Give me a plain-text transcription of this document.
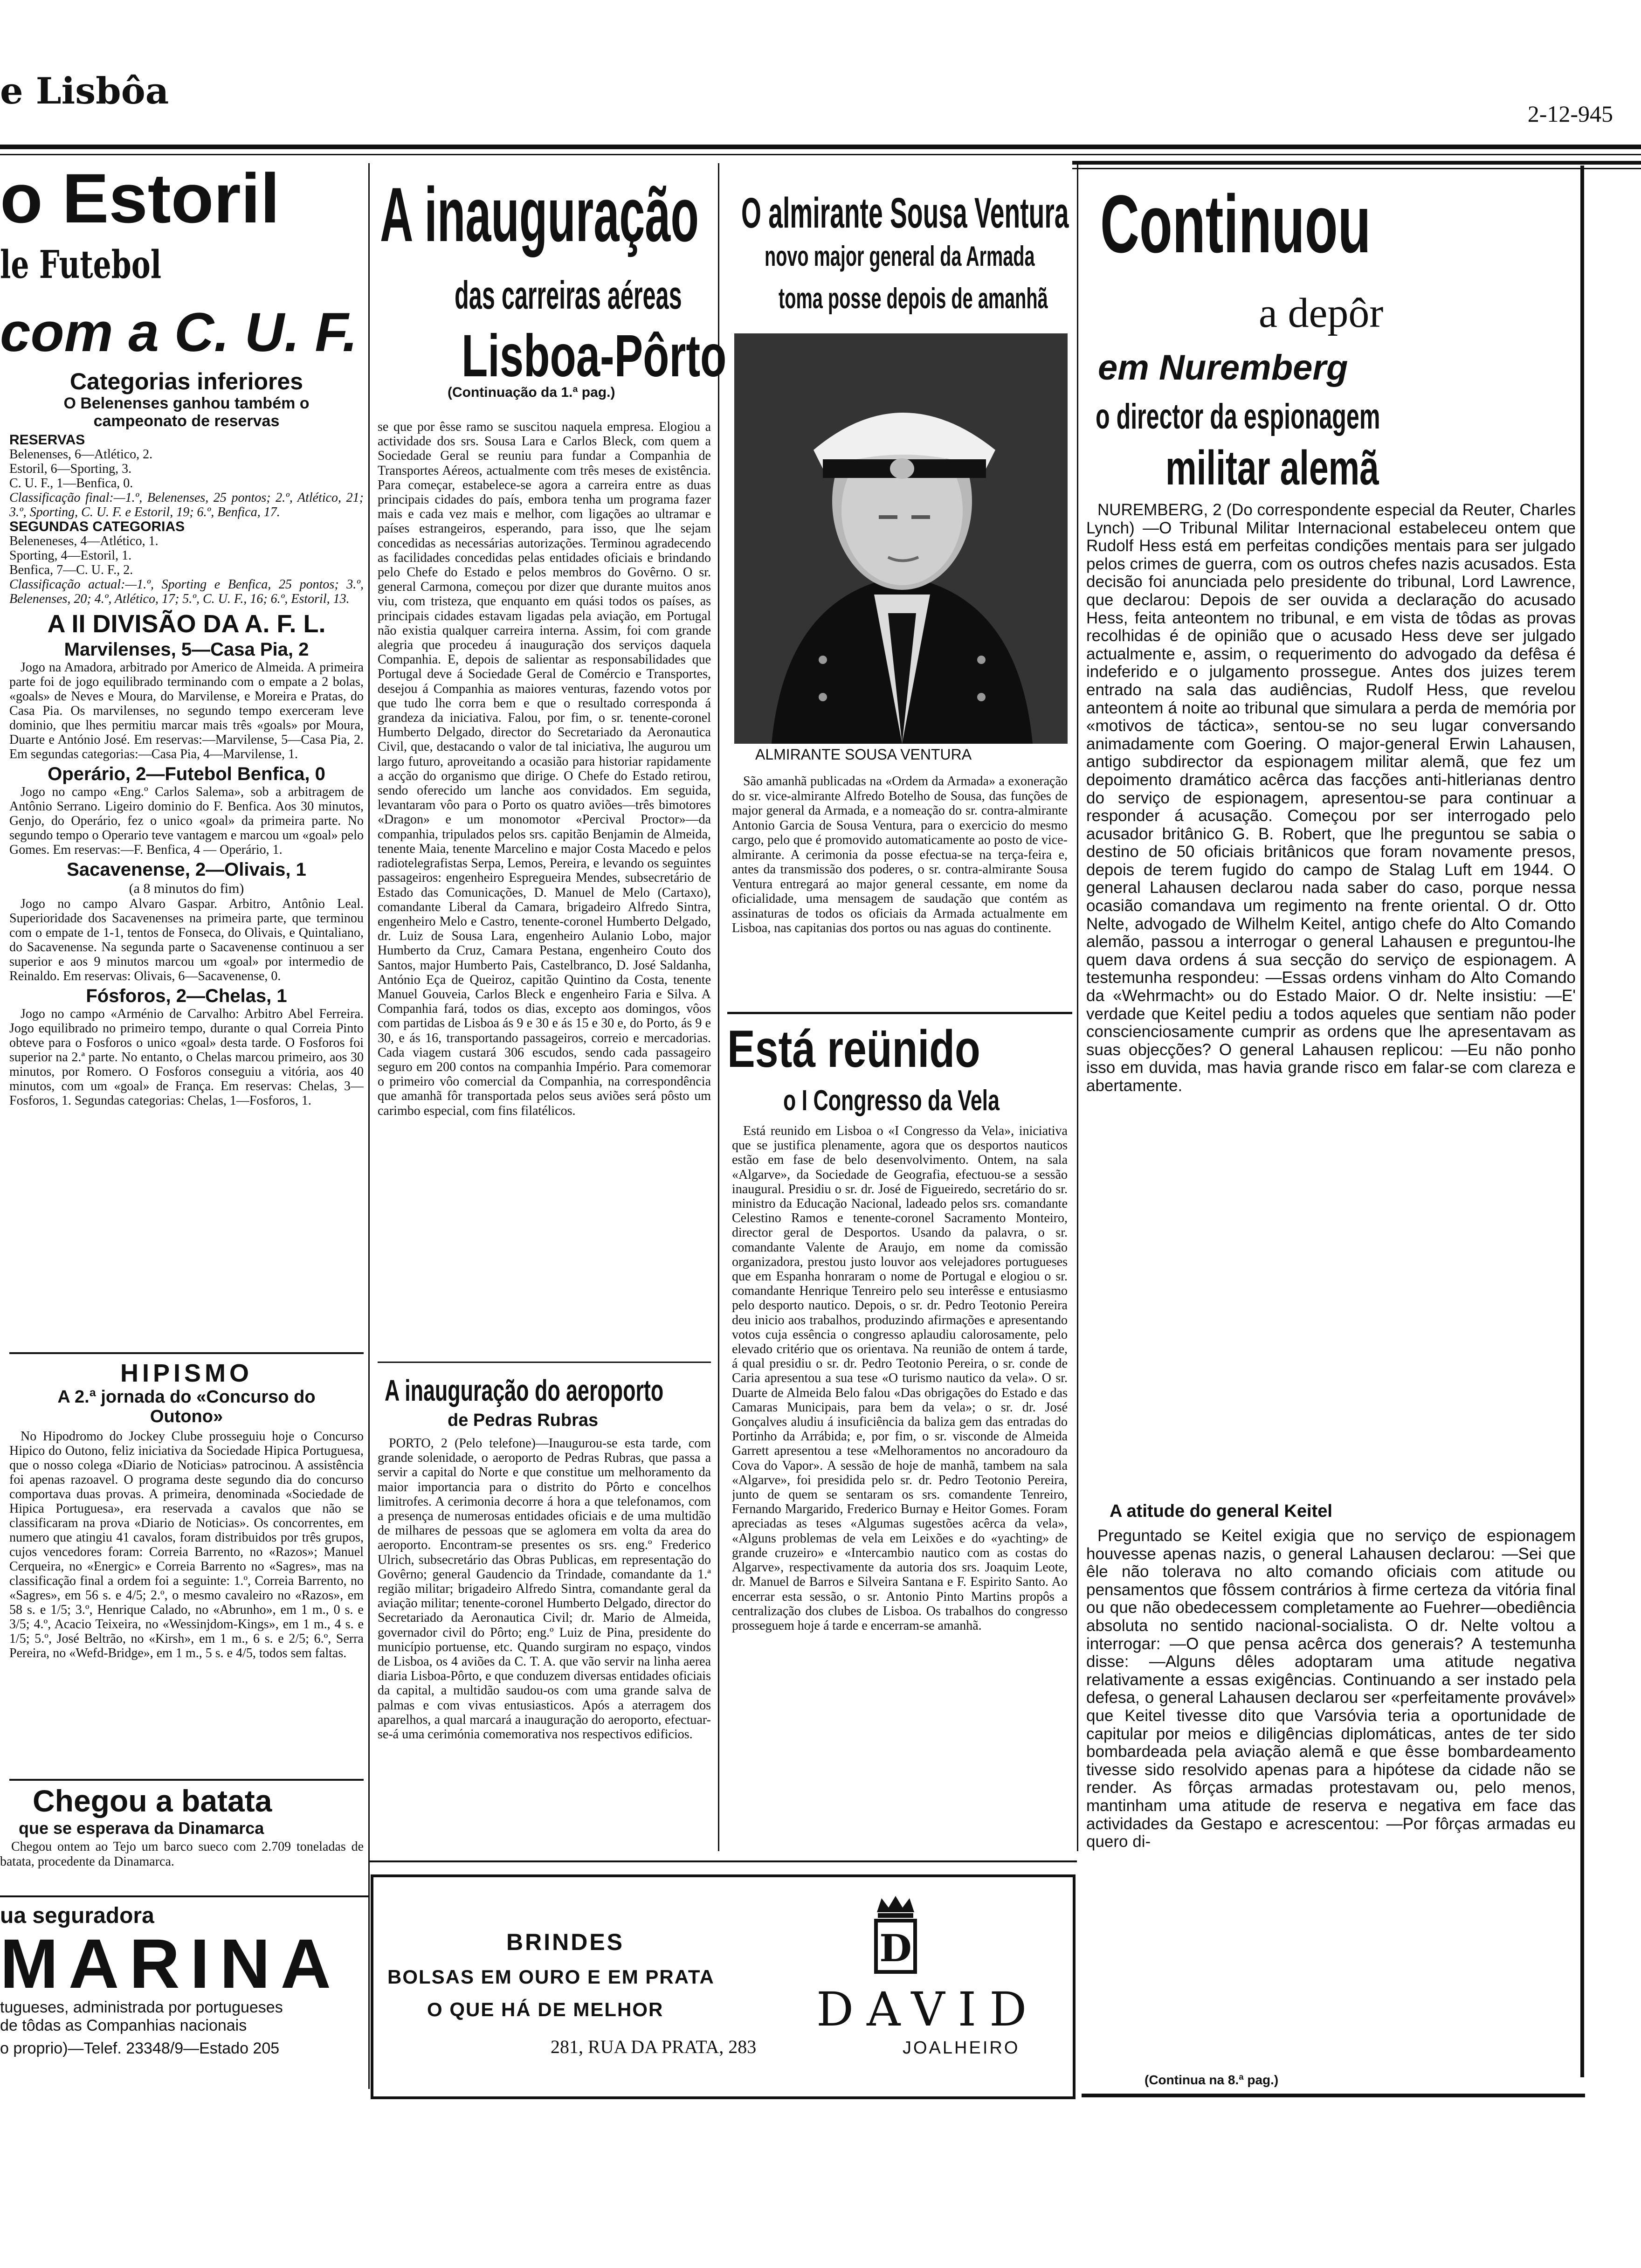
e Lisbôa
2-12-945
o Estoril
le Futebol
com a C. U. F.
Categorias inferiores
O Belenenses ganhou também o campeonato de reservas
RESERVAS
Belenenses, 6—Atlético, 2.
Estoril, 6—Sporting, 3.
C. U. F., 1—Benfica, 0.
Classificação final:—1.º, Belenenses, 25 pontos; 2.º, Atlético, 21; 3.º, Sporting, C. U. F. e Estoril, 19; 6.º, Benfica, 17.
SEGUNDAS CATEGORIAS
Beleneneses, 4—Atlético, 1.
Sporting, 4—Estoril, 1.
Benfica, 7—C. U. F., 2.
Classificação actual:—1.º, Sporting e Benfica, 25 pontos; 3.º, Belenenses, 20; 4.º, Atlético, 17; 5.º, C. U. F., 16; 6.º, Estoril, 13.
A II DIVISÃO DA A. F. L.
Marvilenses, 5—Casa Pia, 2

Jogo na Amadora, arbitrado por Americo de Almeida. A primeira parte foi de jogo equilibrado terminando com o empate a 2 bolas, «goals» de Neves e Moura, do Marvilense, e Moreira e Pratas, do Casa Pia. Os marvilenses, no segundo tempo exerceram leve dominio, que lhes permitiu marcar mais três «goals» por Moura, Duarte e António José. Em reservas:—Marvilense, 5—Casa Pia, 2. Em segundas categorias:—Casa Pia, 4—Marvilense, 1.

Operário, 2—Futebol Benfica, 0

Jogo no campo «Eng.º Carlos Salema», sob a arbitragem de Antônio Serrano. Ligeiro dominio do F. Benfica. Aos 30 minutos, Genjo, do Operário, fez o unico «goal» da primeira parte. No segundo tempo o Operario teve vantagem e marcou um «goal» pelo Gomes. Em reservas:—F. Benfica, 4 — Operário, 1.

Sacavenense, 2—Olivais, 1
(a 8 minutos do fim)

Jogo no campo Alvaro Gaspar. Arbitro, Antônio Leal. Superioridade dos Sacavenenses na primeira parte, que terminou com o empate de 1-1, tentos de Fonseca, do Olivais, e Quintaliano, do Sacavenense. Na segunda parte o Sacavenense continuou a ser superior e aos 9 minutos marcou um «goal» por intermedio de Reinaldo. Em reservas: Olivais, 6—Sacavenense, 0.

Fósforos, 2—Chelas, 1

Jogo no campo «Arménio de Carvalho: Arbitro Abel Ferreira. Jogo equilibrado no primeiro tempo, durante o qual Correia Pinto obteve para o Fosforos o unico «goal» desta tarde. O Fosforos foi superior na 2.ª parte. No entanto, o Chelas marcou primeiro, aos 30 minutos, por Romero. O Fosforos conseguiu a vitória, aos 40 minutos, com um «goal» de França. Em reservas: Chelas, 3—Fosforos, 1. Segundas categorias: Chelas, 1—Fosforos, 1.

HIPISMO
A 2.ª jornada do «Concurso do Outono»

No Hipodromo do Jockey Clube prosseguiu hoje o Concurso Hipico do Outono, feliz iniciativa da Sociedade Hipica Portuguesa, que o nosso colega «Diario de Noticias» patrocinou. A assistência foi apenas razoavel. O programa deste segundo dia do concurso comportava duas provas. A primeira, denominada «Sociedade de Hipica Portuguesa», era reservada a cavalos que não se classificaram na prova «Diario de Noticias». Os concorrentes, em numero que atingiu 41 cavalos, foram distribuidos por três grupos, cujos vencedores foram: Correia Barrento, no «Razos»; Manuel Cerqueira, no «Energic» e Correia Barrento no «Sagres», mas na classificação final a ordem foi a seguinte: 1.º, Correia Barrento, no «Sagres», em 56 s. e 4/5; 2.º, o mesmo cavaleiro no «Razos», em 58 s. e 1/5; 3.º, Henrique Calado, no «Abrunho», em 1 m., 0 s. e 3/5; 4.º, Acacio Teixeira, no «Wessinjdom-Kings», em 1 m., 4 s. e 1/5; 5.º, José Beltrão, no «Kirsh», em 1 m., 6 s. e 2/5; 6.º, Serra Pereira, no «Wefd-Bridge», em 1 m., 5 s. e 4/5, todos sem faltas.

Chegou a batata
que se esperava da Dinamarca

Chegou ontem ao Tejo um barco sueco com 2.709 toneladas de batata, procedente da Dinamarca.

ua seguradora
MARINA
tugueses, administrada por portugueses
de tôdas as Companhias nacionais
o proprio)—Telef. 23348/9—Estado 205
A inauguração
das carreiras aéreas
Lisboa-Pôrto
(Continuação da 1.ª pag.)

se que por êsse ramo se suscitou naquela empresa. Elogiou a actividade dos srs. Sousa Lara e Carlos Bleck, com quem a Sociedade Geral se reuniu para fundar a Companhia de Transportes Aéreos, actualmente com três meses de existência. Para começar, estabelece-se agora a carreira entre as duas principais cidades do país, embora tenha um programa fazer mais e cada vez mais e melhor, com ligações ao ultramar e países estrangeiros, esperando, para isso, que lhe sejam concedidas as necessárias autorizações. Terminou agradecendo as facilidades concedidas pelas entidades oficiais e brindando pelo Chefe do Estado e pelos membros do Govêrno. O sr. general Carmona, começou por dizer que durante muitos anos viu, com tristeza, que enquanto em quási todos os países, as principais cidades estavam ligadas pela aviação, em Portugal não existia qualquer carreira interna. Assim, foi com grande alegria que procedeu á inauguração dos serviços daquela Companhia. E, depois de salientar as responsabilidades que Portugal deve á Sociedade Geral de Comércio e Transportes, desejou á Companhia as maiores venturas, fazendo votos por que tudo lhe corra bem e que o resultado corresponda á grandeza da iniciativa. Falou, por fim, o sr. tenente-coronel Humberto Delgado, director do Secretariado da Aeronautica Civil, que, destacando o valor de tal iniciativa, lhe augurou um largo futuro, aproveitando a ocasião para historiar rapidamente a acção do organismo que dirige. O Chefe do Estado retirou, sendo oferecido um lanche aos convidados. Em seguida, levantaram vôo para o Porto os quatro aviões—três bimotores «Dragon» e um monomotor «Percival Proctor»—da companhia, tripulados pelos srs. capitão Benjamin de Almeida, tenente Maia, tenente Marcelino e major Costa Macedo e pelos radiotelegrafistas Serpa, Lemos, Pereira, e levando os seguintes passageiros: engenheiro Espregueira Mendes, subsecretário de Estado das Comunicações, D. Manuel de Melo (Cartaxo), comandante Liberal da Camara, brigadeiro Alfredo Sintra, engenheiro Melo e Castro, tenente-coronel Humberto Delgado, dr. Luiz de Sousa Lara, engenheiro Aulanio Lobo, major Humberto da Cruz, Camara Pestana, engenheiro Couto dos Santos, major Humberto Pais, Castelbranco, D. José Saldanha, António Eça de Queiroz, capitão Quintino da Costa, tenente Manuel Gouveia, Carlos Bleck e engenheiro Faria e Silva. A Companhia fará, todos os dias, excepto aos domingos, vôos com partidas de Lisboa ás 9 e 30 e ás 15 e 30 e, do Porto, ás 9 e 30, e ás 16, transportando passageiros, correio e mercadorias. Cada viagem custará 306 escudos, sendo cada passageiro seguro em 200 contos na companhia Império. Para comemorar o primeiro vôo comercial da Companhia, na correspondência que amanhã fôr transportada pelos seus aviões será pôsto um carimbo especial, com fins filatélicos.

A inauguração do aeroporto
de Pedras Rubras

PORTO, 2 (Pelo telefone)—Inaugurou-se esta tarde, com grande solenidade, o aeroporto de Pedras Rubras, que passa a servir a capital do Norte e que constitue um melhoramento da maior importancia para o distrito do Pôrto e concelhos limitrofes. A cerimonia decorre á hora a que telefonamos, com a presença de numerosas entidades oficiais e de uma multidão de milhares de pessoas que se aglomera em volta da area do aeroporto. Encontram-se presentes os srs. eng.º Frederico Ulrich, subsecretário das Obras Publicas, em representação do Govêrno; general Gaudencio da Trindade, comandante da 1.ª região militar; brigadeiro Alfredo Sintra, comandante geral da aviação militar; tenente-coronel Humberto Delgado, director do Secretariado da Aeronautica Civil; dr. Mario de Almeida, governador civil do Pôrto; eng.º Luiz de Pina, presidente do município portuense, etc. Quando surgiram no espaço, vindos de Lisboa, os 4 aviões da C. T. A. que vão servir na linha aerea diaria Lisboa-Pôrto, e que conduzem diversas entidades oficiais da capital, a multidão saudou-os com uma grande salva de palmas e com vivas entusiasticos. Após a aterragem dos aparelhos, a qual marcará a inauguração do aeroporto, efectuar-se-á uma cerimónia comemorativa nos respectivos edificios.

O almirante Sousa Ventura
novo major general da Armada
toma posse depois de amanhã
ALMIRANTE SOUSA VENTURA

São amanhã publicadas na «Ordem da Armada» a exoneração do sr. vice-almirante Alfredo Botelho de Sousa, das funções de major general da Armada, e a nomeação do sr. contra-almirante Antonio Garcia de Sousa Ventura, para o exercicio do mesmo cargo, pelo que é promovido automaticamente ao posto de vice-almirante. A cerimonia da posse efectua-se na terça-feira e, antes da transmissão dos poderes, o sr. contra-almirante Sousa Ventura entregará ao major general cessante, em nome da oficialidade, uma mensagem de saudação que contém as assinaturas de todos os oficiais da Armada actualmente em Lisboa, nas capitanias dos portos ou nas aguas do continente.

Está reünido
o I Congresso da Vela

Está reunido em Lisboa o «I Congresso da Vela», iniciativa que se justifica plenamente, agora que os desportos nauticos estão em fase de belo desenvolvimento. Ontem, na sala «Algarve», da Sociedade de Geografia, efectuou-se a sessão inaugural. Presidiu o sr. dr. José de Figueiredo, secretário do sr. ministro da Educação Nacional, ladeado pelos srs. comandante Celestino Ramos e tenente-coronel Sacramento Monteiro, director geral de Desportos. Usando da palavra, o sr. comandante Valente de Araujo, em nome da comissão organizadora, prestou justo louvor aos velejadores portugueses que em Espanha honraram o nome de Portugal e elogiou o sr. comandante Henrique Tenreiro pelo seu interêsse e entusiasmo pelo desporto nautico. Depois, o sr. dr. Pedro Teotonio Pereira deu inicio aos trabalhos, produzindo afirmações e apresentando votos cuja essência o congresso aplaudiu calorosamente, pelo elevado critério que os orientava. Na reunião de ontem á tarde, á qual presidiu o sr. dr. Pedro Teotonio Pereira, o sr. conde de Caria apresentou a sua tese «O turismo nautico da vela». O sr. Duarte de Almeida Belo falou «Das obrigações do Estado e das Camaras Municipais, para bem da vela»; o sr. dr. José Gonçalves aludiu á insuficiência da baliza gem das entradas do Portinho da Arrábida; e, por fim, o sr. visconde de Almeida Garrett apresentou a tese «Melhoramentos no ancoradouro da Cova do Vapor». A sessão de hoje de manhã, tambem na sala «Algarve», foi presidida pelo sr. dr. Pedro Teotonio Pereira, junto de quem se sentaram os srs. comandente Tenreiro, Fernando Margarido, Frederico Burnay e Heitor Gomes. Foram apreciadas as teses «Algumas sugestões acêrca da vela», «Alguns problemas de vela em Leixões e do «yachting» de grande cruzeiro» e «Intercambio nautico com as costas do Algarve», respectivamente da autoria dos srs. Joaquim Leote, dr. Manuel de Barros e Silveira Santana e F. Espirito Santo. Ao encerrar esta sessão, o sr. Antonio Pinto Martins propôs a centralização dos clubes de Lisboa. Os trabalhos do congresso prosseguem hoje á tarde e encerram-se amanhã.

Continuou
a depôr
em Nuremberg
o director da espionagem
militar alemã

NUREMBERG, 2 (Do correspondente especial da Reuter, Charles Lynch) —O Tribunal Militar Internacional estabeleceu ontem que Rudolf Hess está em perfeitas condições mentais para ser julgado pelos crimes de guerra, com os outros chefes nazis acusados. Esta decisão foi anunciada pelo presidente do tribunal, Lord Lawrence, que declarou: Depois de ser ouvida a declaração do acusado Hess, feita anteontem no tribunal, e em vista de tôdas as provas recolhidas é de opinião que o acusado Hess deve ser julgado actualmente e, assim, o requerimento do advogado da defêsa é indeferido e o julgamento prossegue. Antes dos juizes terem entrado na sala das audiências, Rudolf Hess, que revelou anteontem á noite ao tribunal que simulara a perda de memória por «motivos de táctica», sentou-se no seu lugar conversando animadamente com Goering. O major-general Erwin Lahausen, antigo subdirector da espionagem militar alemã, que fez um depoimento dramático acêrca das facções anti-hitlerianas dentro do serviço de espionagem, apresentou-se para continuar a responder á acusação. Começou por ser interrogado pelo acusador britânico G. B. Robert, que lhe preguntou se sabia o destino de 50 oficiais britânicos que foram novamente presos, depois de terem fugido do campo de Stalag Luft em 1944. O general Lahausen declarou nada saber do caso, porque nessa ocasião comandava um regimento na frente oriental. O dr. Otto Nelte, advogado de Wilhelm Keitel, antigo chefe do Alto Comando alemão, passou a interrogar o general Lahausen e preguntou-lhe quem dava ordens á sua secção do serviço de espionagem. A testemunha respondeu: —Essas ordens vinham do Alto Comando da «Wehrmacht» ou do Estado Maior. O dr. Nelte insistiu: —E' verdade que Keitel pediu a todos aqueles que sentiam não poder conscienciosamente cumprir as ordens que lhe apresentavam as suas objecções? O general Lahausen replicou: —Eu não ponho isso em duvida, mas havia grande risco em falar-se com clareza e abertamente.

A atitude do general Keitel

Preguntado se Keitel exigia que no serviço de espionagem houvesse apenas nazis, o general Lahausen declarou: —Sei que êle não tolerava no alto comando oficiais com atitude ou pensamentos que fôssem contrários à firme certeza da vitória final ou que não obedecessem completamente ao Fuehrer—obediência absoluta no sentido nacional-socialista. O dr. Nelte voltou a interrogar: —O que pensa acêrca dos generais? A testemunha disse: —Alguns dêles adoptaram uma atitude negativa relativamente a essas exigências. Continuando a ser instado pela defesa, o general Lahausen declarou ser «perfeitamente provável» que Keitel tivesse dito que Varsóvia teria a oportunidade de capitular por meios e diligências diplomáticas, antes de ter sido bombardeada pela aviação alemã e que êsse bombardeamento tivesse sido resolvido apenas para a hipótese da cidade não se render. As fôrças armadas protestavam ou, pelo menos, mantinham uma atitude de reserva e negativa em face das actividades da Gestapo e acrescentou: —Por fôrças armadas eu quero di-

(Continua na 8.ª pag.)
BRINDES
BOLSAS EM OURO E EM PRATA
O QUE HÁ DE MELHOR
D
DAVID
JOALHEIRO
281, RUA DA PRATA, 283
